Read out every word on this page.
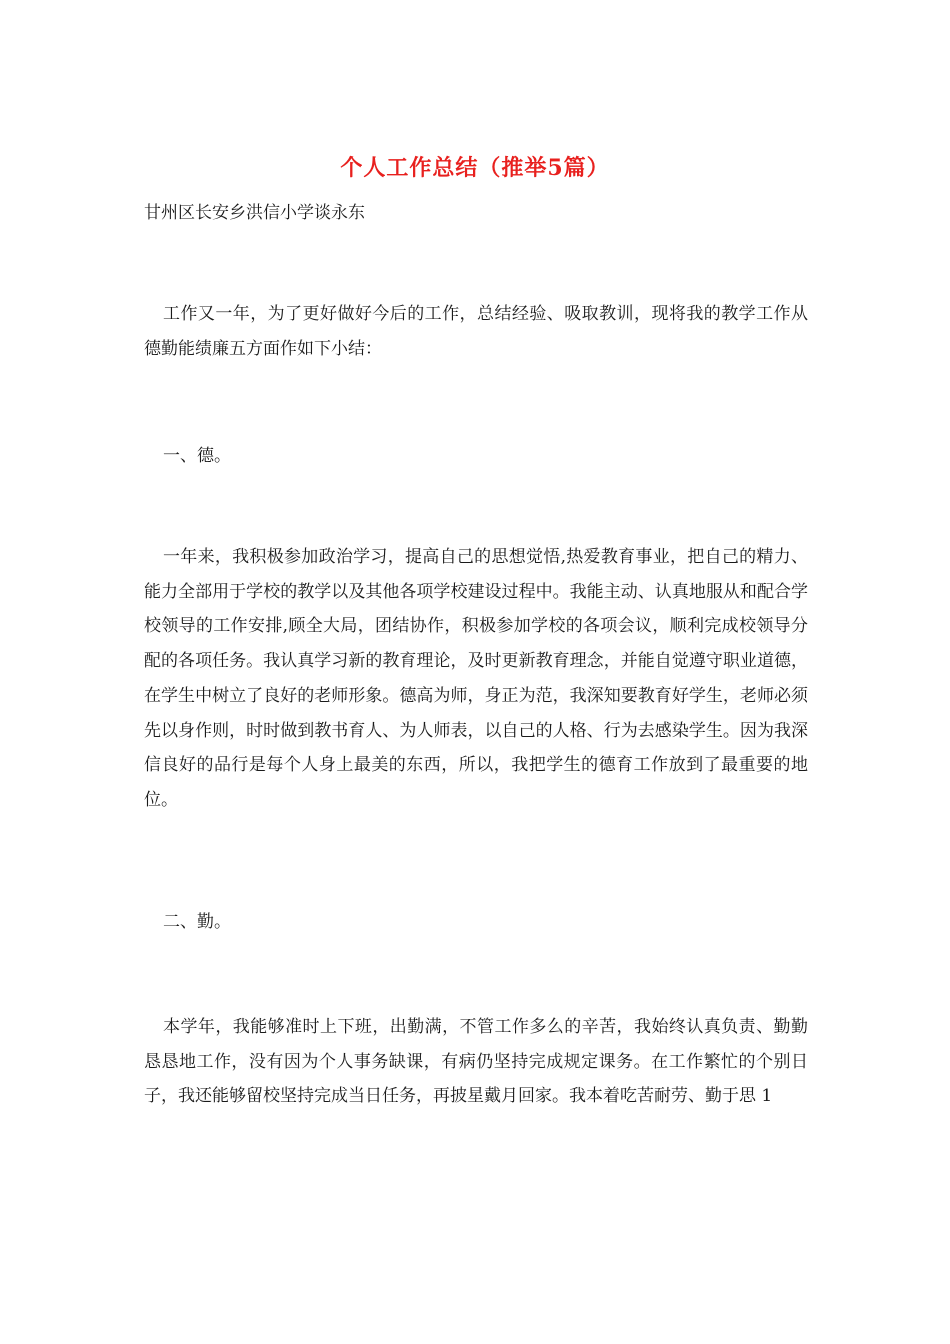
个人工作总结（推举5篇）
甘州区长安乡洪信小学谈永东

工作又一年，为了更好做好今后的工作，总结经验、吸取教训，现将我的教学工作从德勤能绩廉五方面作如下小结：

一、德。

一年来，我积极参加政治学习，提高自己的思想觉悟,热爱教育事业，把自己的精力、能力全部用于学校的教学以及其他各项学校建设过程中。我能主动、认真地服从和配合学校领导的工作安排,顾全大局，团结协作，积极参加学校的各项会议，顺利完成校领导分配的各项任务。我认真学习新的教育理论，及时更新教育理念，并能自觉遵守职业道德，在学生中树立了良好的老师形象。德高为师，身正为范，我深知要教育好学生，老师必须先以身作则，时时做到教书育人、为人师表，以自己的人格、行为去感染学生。因为我深信良好的品行是每个人身上最美的东西，所以，我把学生的德育工作放到了最重要的地位。

二、勤。

本学年，我能够准时上下班，出勤满，不管工作多么的辛苦，我始终认真负责、勤勤恳恳地工作，没有因为个人事务缺课，有病仍坚持完成规定课务。在工作繁忙的个别日子，我还能够留校坚持完成当日任务，再披星戴月回家。我本着吃苦耐劳、勤于思 1
